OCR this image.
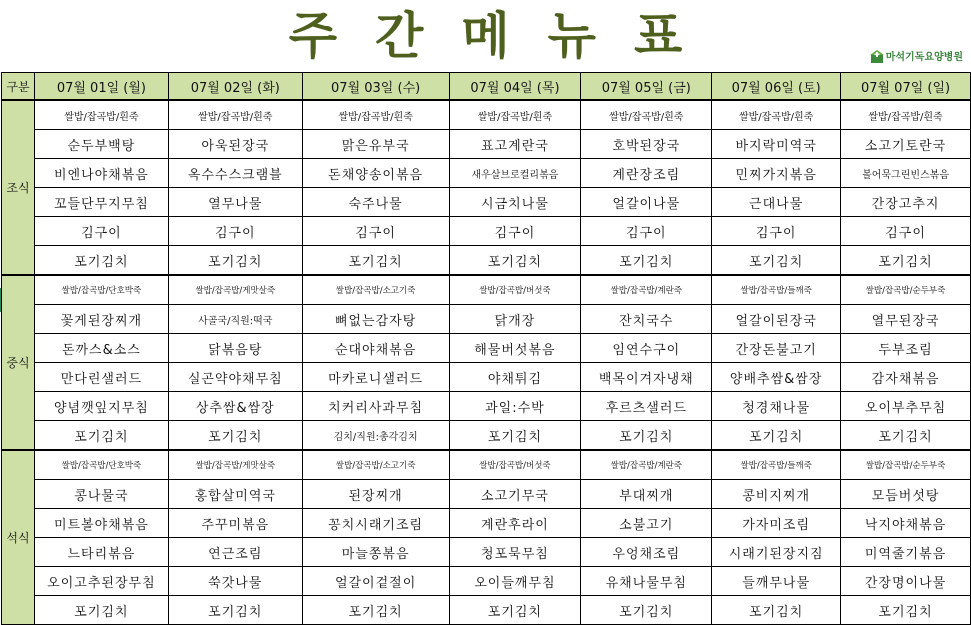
주간메뉴표	마석기독요양병원
구분	07월 01일 (월)	07월 02일 (화)	07월 03일 (수)	07월 04일 (목)	07월 05일 (금)	07월 06일 (토)	07월 07일 (일)
조식	쌀밥/잡곡밥/흰죽	쌀밥/잡곡밥/흰죽	쌀밥/잡곡밥/흰죽	쌀밥/잡곡밥/흰죽	쌀밥/잡곡밥/흰죽	쌀밥/잡곡밥/흰죽	쌀밥/잡곡밥/흰죽
	순두부백탕	아욱된장국	맑은유부국	표고계란국	호박된장국	바지락미역국	소고기토란국
	비엔나야채볶음	옥수수스크램블	돈채양송이볶음	새우살브로컬리볶음	계란장조림	민찌가지볶음	볼어묵그린빈스볶음
	꼬들단무지무침	열무나물	숙주나물	시금치나물	얼갈이나물	근대나물	간장고추지
	김구이	김구이	김구이	김구이	김구이	김구이	김구이
	포기김치	포기김치	포기김치	포기김치	포기김치	포기김치	포기김치
중식	쌀밥/잡곡밥/단호박죽	쌀밥/잡곡밥/게맛살죽	쌀밥/잡곡밥/소고기죽	쌀밥/잡곡밥/버섯죽	쌀밥/잡곡밥/계란죽	쌀밥/잡곡밥/들깨죽	쌀밥/잡곡밥/순두부죽
	꽃게된장찌개	사골국/직원:떡국	뼈없는감자탕	닭개장	잔치국수	얼갈이된장국	열무된장국
	돈까스&소스	닭볶음탕	순대야채볶음	해물버섯볶음	임연수구이	간장돈불고기	두부조림
	만다린샐러드	실곤약야채무침	마카로니샐러드	야채튀김	백목이겨자냉채	양배추쌈&쌈장	감자채볶음
	양념깻잎지무침	상추쌈&쌈장	치커리사과무침	과일:수박	후르츠샐러드	청경채나물	오이부추무침
	포기김치	포기김치	김치/직원:총각김치	포기김치	포기김치	포기김치	포기김치
석식	쌀밥/잡곡밥/단호박죽	쌀밥/잡곡밥/게맛살죽	쌀밥/잡곡밥/소고기죽	쌀밥/잡곡밥/버섯죽	쌀밥/잡곡밥/계란죽	쌀밥/잡곡밥/들깨죽	쌀밥/잡곡밥/순두부죽
	콩나물국	홍합살미역국	된장찌개	소고기무국	부대찌개	콩비지찌개	모듬버섯탕
	미트볼야채볶음	주꾸미볶음	꽁치시래기조림	계란후라이	소불고기	가자미조림	낙지야채볶음
	느타리볶음	연근조림	마늘쫑볶음	청포묵무침	우엉채조림	시래기된장지짐	미역줄기볶음
	오이고추된장무침	쑥갓나물	얼갈이겉절이	오이들깨무침	유채나물무침	들깨무나물	간장명이나물
	포기김치	포기김치	포기김치	포기김치	포기김치	포기김치	포기김치
